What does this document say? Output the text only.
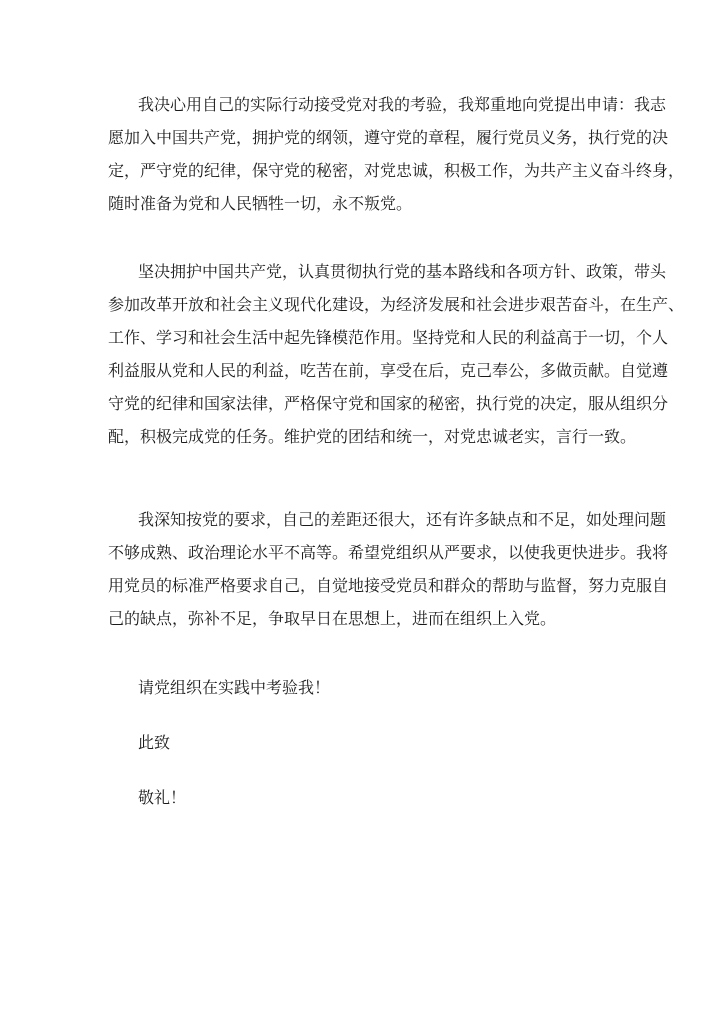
我决心用自己的实际行动接受党对我的考验，我郑重地向党提出申请：我志
愿加入中国共产党，拥护党的纲领，遵守党的章程，履行党员义务，执行党的决
定，严守党的纪律，保守党的秘密，对党忠诚，积极工作，为共产主义奋斗终身，
随时准备为党和人民牺牲一切，永不叛党。
坚决拥护中国共产党，认真贯彻执行党的基本路线和各项方针、政策，带头
参加改革开放和社会主义现代化建设，为经济发展和社会进步艰苦奋斗，在生产、
工作、学习和社会生活中起先锋模范作用。坚持党和人民的利益高于一切，个人
利益服从党和人民的利益，吃苦在前，享受在后，克己奉公，多做贡献。自觉遵
守党的纪律和国家法律，严格保守党和国家的秘密，执行党的决定，服从组织分
配，积极完成党的任务。维护党的团结和统一，对党忠诚老实，言行一致。
我深知按党的要求，自己的差距还很大，还有许多缺点和不足，如处理问题
不够成熟、政治理论水平不高等。希望党组织从严要求，以使我更快进步。我将
用党员的标准严格要求自己，自觉地接受党员和群众的帮助与监督，努力克服自
己的缺点，弥补不足，争取早日在思想上，进而在组织上入党。
请党组织在实践中考验我！
此致
敬礼！
